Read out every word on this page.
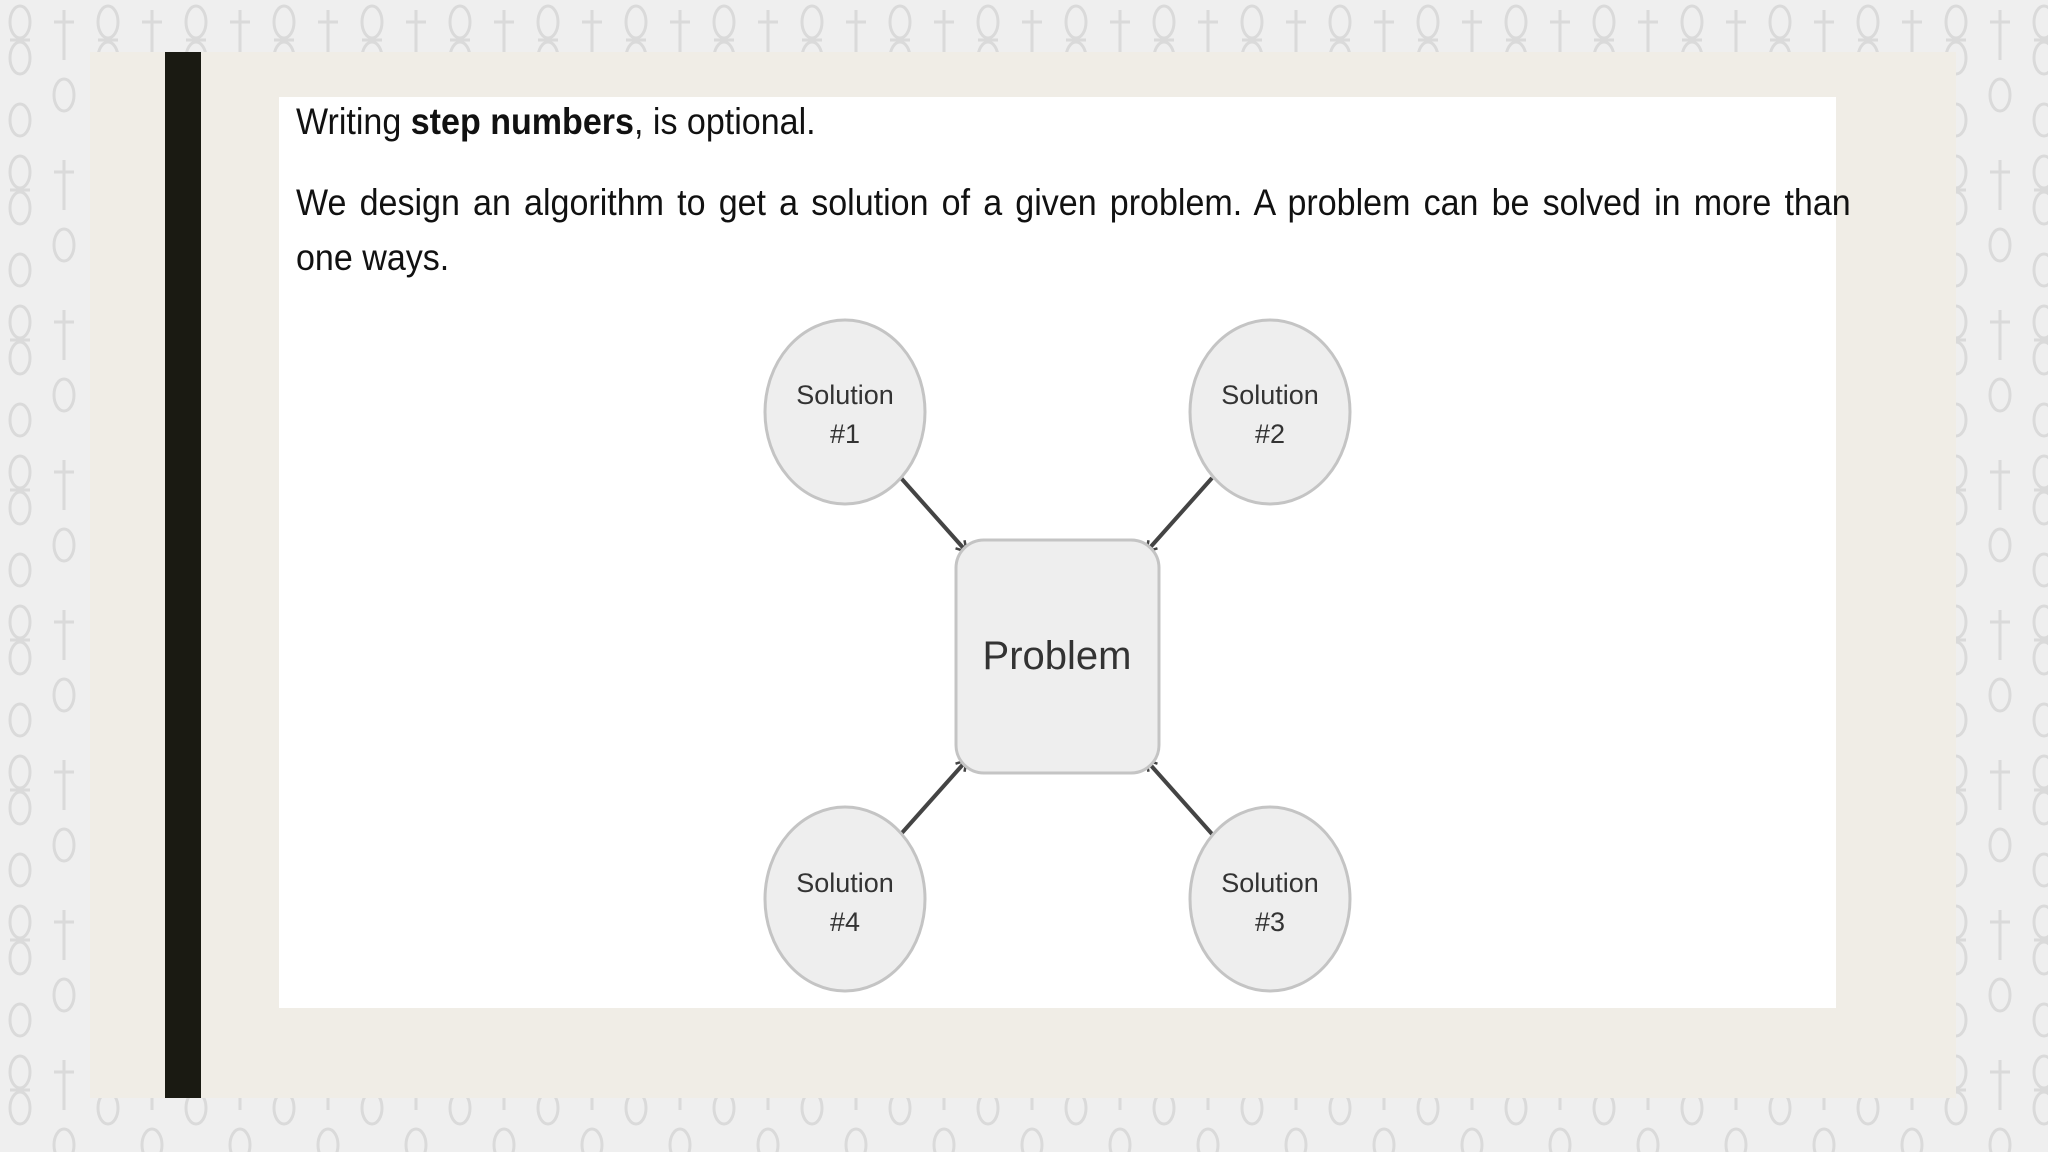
Writing step numbers, is optional.

We design an algorithm to get a solution of a given problem. A problem can be solved in more than

one ways.

Problem
Solution
#1
Solution
#2
Solution
#3
Solution
#4
